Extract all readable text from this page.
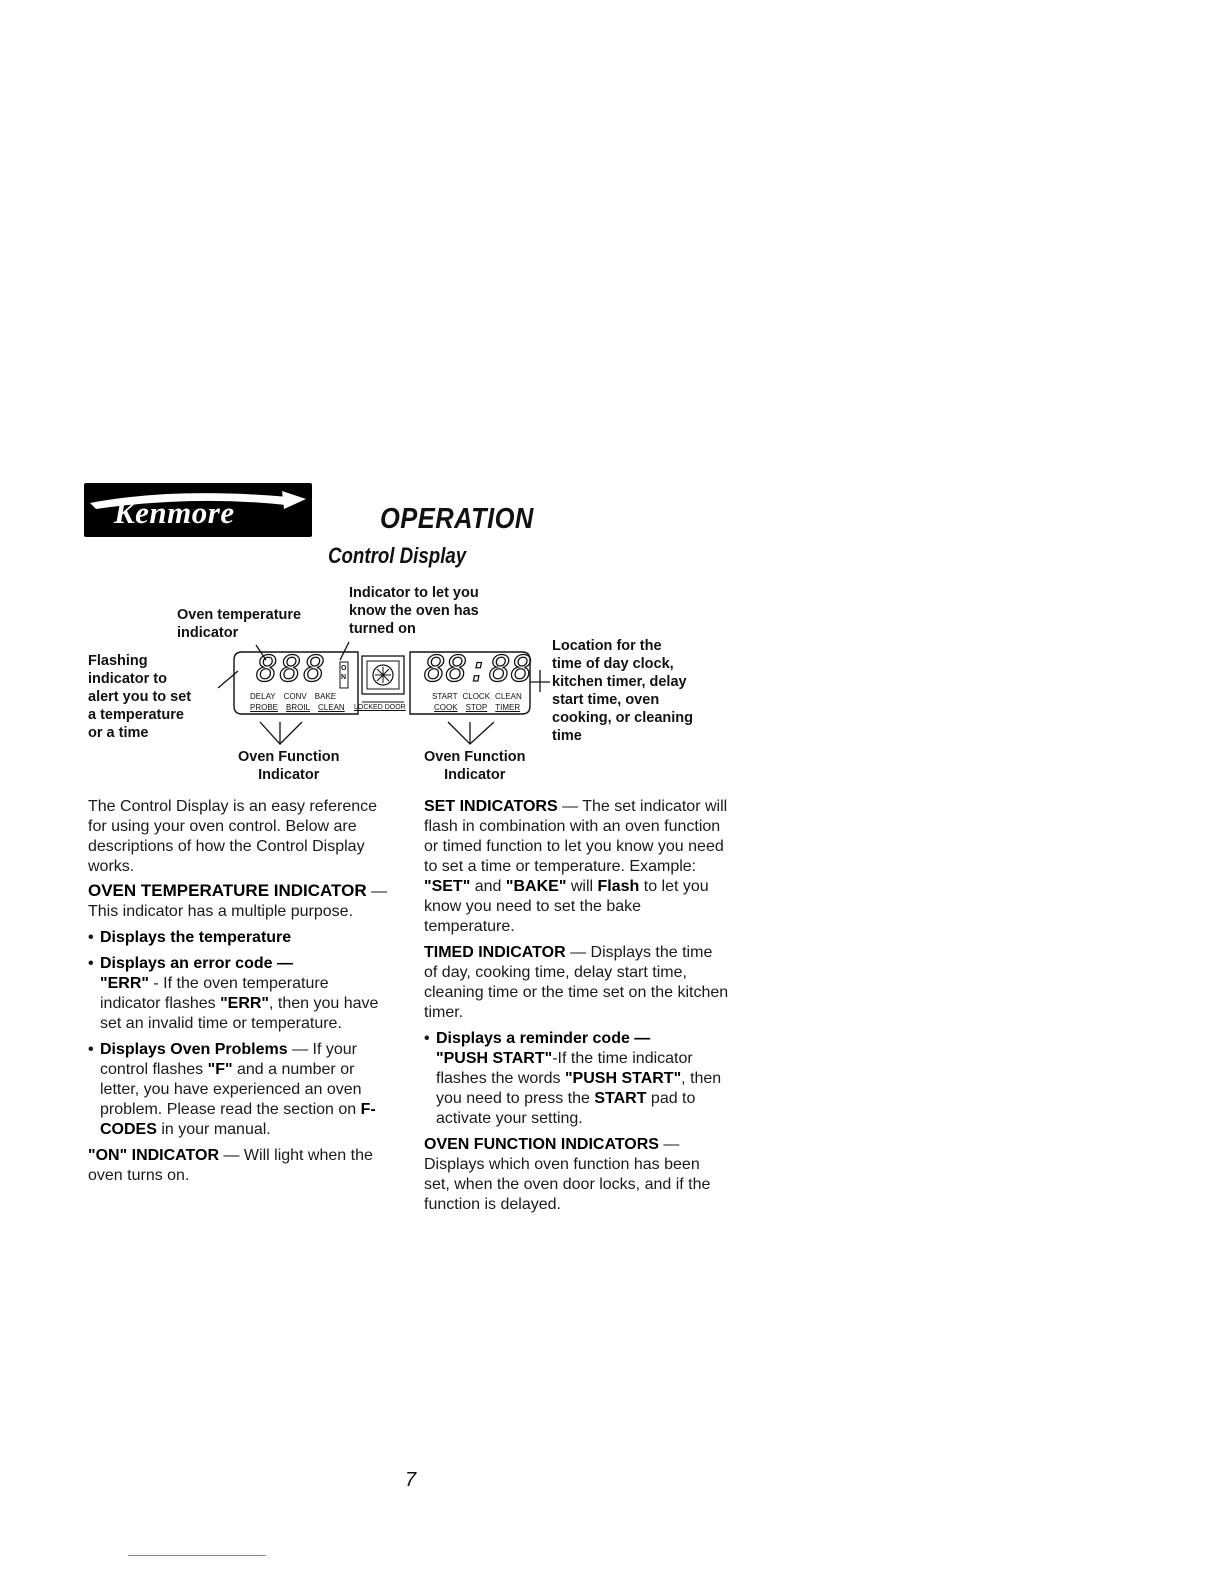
Kenmore	OPERATION
Control Display
Indicator to let you
know the oven has
turned on
Oven temperature
indicator
Flashing
indicator to
alert you to set
a temperature
or a time
Location for the
time of day clock,
kitchen timer, delay
start time, oven
cooking, or cleaning
time
Oven Function
Indicator
Oven Function
Indicator
888	88:88
ON
DELAY CONV BAKE
PROBE BROIL CLEAN LOCKED DOOR
START CLOCK CLEAN
COOK STOP TIMER

The Control Display is an easy reference for using your oven control. Below are descriptions of how the Control Display works.

OVEN TEMPERATURE INDICATOR — This indicator has a multiple purpose.

• Displays the temperature
• Displays an error code —
"ERR" - If the oven temperature indicator flashes "ERR", then you have set an invalid time or temperature.
• Displays Oven Problems — If your control flashes "F" and a number or letter, you have experienced an oven problem. Please read the section on F-CODES in your manual.

"ON" INDICATOR — Will light when the oven turns on.

SET INDICATORS — The set indicator will flash in combination with an oven function or timed function to let you know you need to set a time or temperature. Example: "SET" and "BAKE" will Flash to let you know you need to set the bake temperature.

TIMED INDICATOR — Displays the time of day, cooking time, delay start time, cleaning time or the time set on the kitchen timer.

• Displays a reminder code —
"PUSH START"-If the time indicator flashes the words "PUSH START", then you need to press the START pad to activate your setting.

OVEN FUNCTION INDICATORS — Displays which oven function has been set, when the oven door locks, and if the function is delayed.

7
